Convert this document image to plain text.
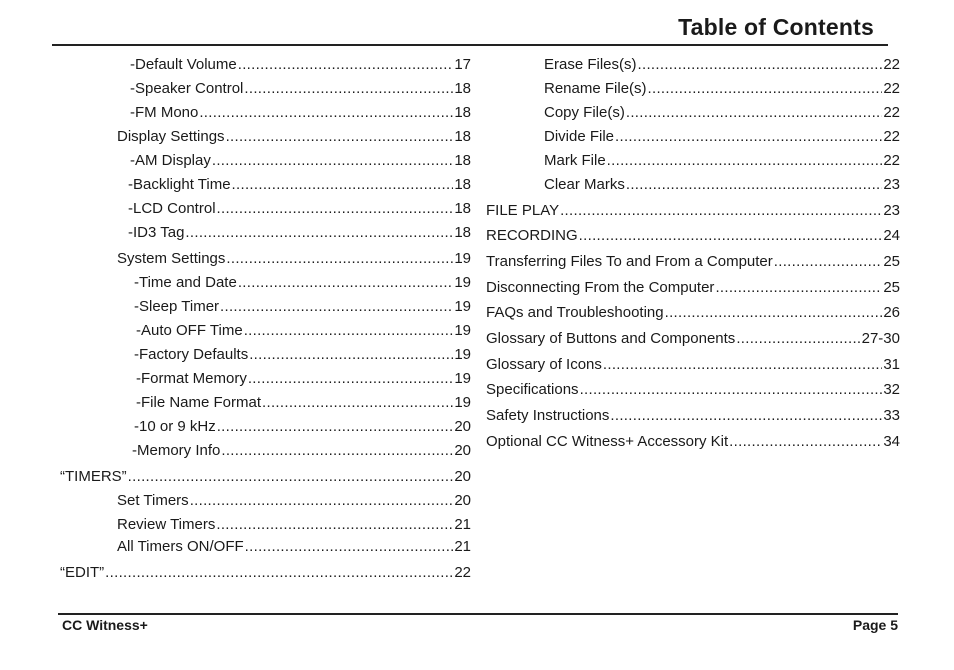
Table of Contents
-Default Volume .....	17
-Speaker Control .....	18
-FM Mono .....	18
Display Settings .....	18
-AM Display .....	18
-Backlight Time .....	18
-LCD Control .....	18
-ID3 Tag .....	18
System Settings .....	19
-Time and Date .....	19
-Sleep Timer .....	19
-Auto OFF Time .....	19
-Factory Defaults .....	19
-Format Memory .....	19
-File Name Format .....	19
-10 or 9 kHz .....	20
-Memory Info .....	20
“TIMERS” .....	20
Set Timers .....	20
Review Timers .....	21
All Timers ON/OFF .....	21
“EDIT” .....	22
Erase Files(s) .....	22
Rename File(s) .....	22
Copy File(s) .....	22
Divide File .....	22
Mark File .....	22
Clear Marks .....	23
FILE PLAY .....	23
RECORDING .....	24
Transferring Files To and From a Computer .....	25
Disconnecting From the Computer .....	25
FAQs and Troubleshooting .....	26
Glossary of Buttons and Components .....	27-30
Glossary of Icons .....	31
Specifications .....	32
Safety Instructions .....	33
Optional CC Witness+ Accessory Kit .....	34
CC Witness+	Page 5
